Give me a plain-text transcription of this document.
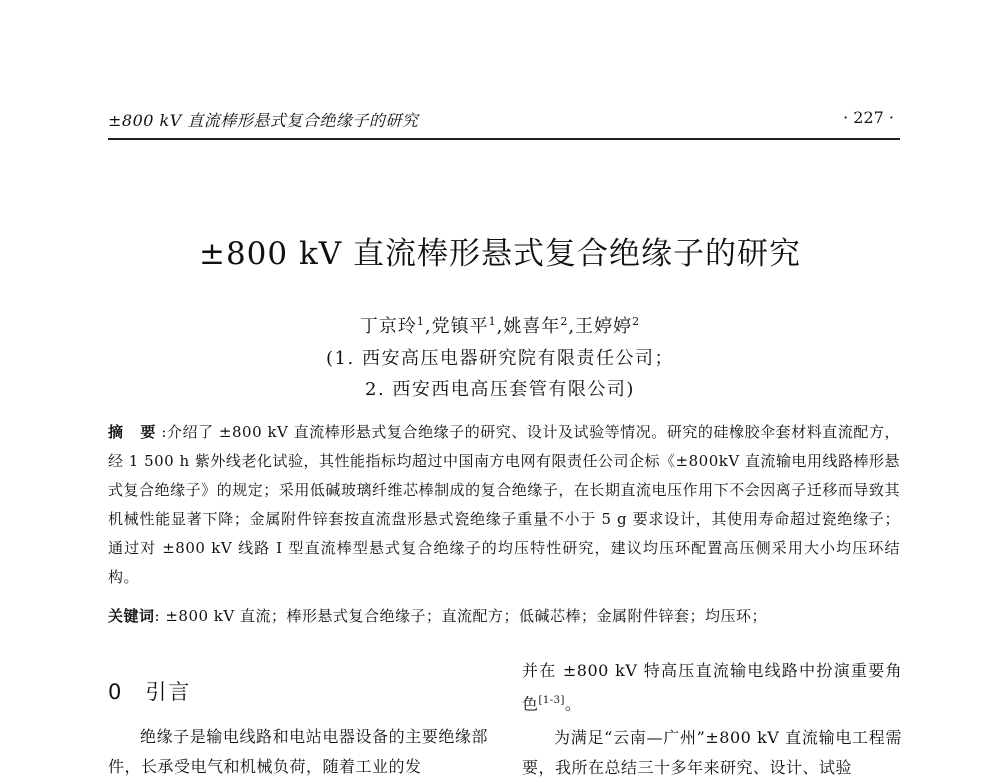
±800 kV 直流棒形悬式复合绝缘子的研究	· 227 ·
±800 kV 直流棒形悬式复合绝缘子的研究
丁京玲$^1$,党镇平$^1$,姚喜年$^2$,王婷婷$^2$
(1. 西安高压电器研究院有限责任公司；
2. 西安西电高压套管有限公司)
摘 要:介绍了 ±800 kV 直流棒形悬式复合绝缘子的研究、设计及试验等情况。研究的硅橡胶伞套材料直流配方，经 1 500 h 紫外线老化试验，其性能指标均超过中国南方电网有限责任公司企标《±800kV 直流输电用线路棒形悬式复合绝缘子》的规定；采用低碱玻璃纤维芯棒制成的复合绝缘子，在长期直流电压作用下不会因离子迁移而导致其机械性能显著下降；金属附件锌套按直流盘形悬式瓷绝缘子重量不小于 5 g 要求设计，其使用寿命超过瓷绝缘子；通过对 ±800 kV 线路 I 型直流棒型悬式复合绝缘子的均压特性研究，建议均压环配置高压侧采用大小均压环结构。
关键词: ±800 kV 直流；棒形悬式复合绝缘子；直流配方；低碱芯棒；金属附件锌套；均压环；
0 引言
绝缘子是输电线路和电站电器设备的主要绝缘部件，长承受电气和机械负荷，随着工业的发
并在 ±800 kV 特高压直流输电线路中扮演重要角色[1-3]。
为满足“云南—广州”±800 kV 直流输电工程需要，我所在总结三十多年来研究、设计、试验
